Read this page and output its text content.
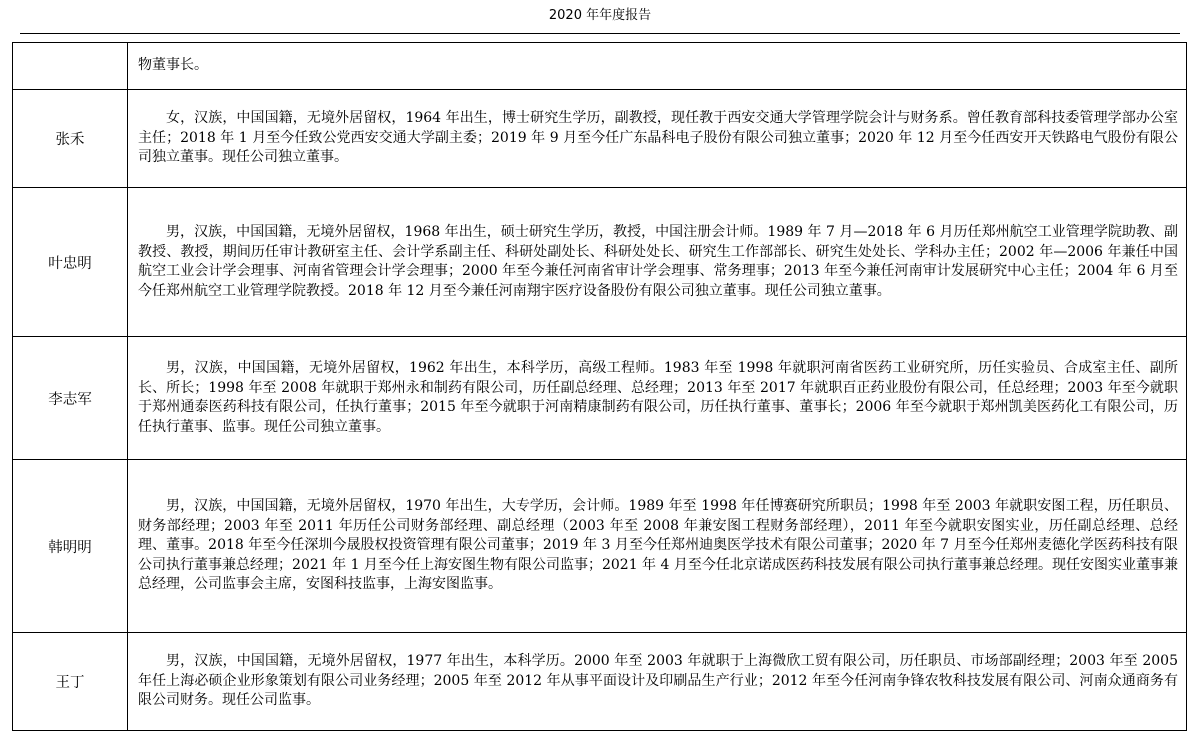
2020 年年度报告

	物董事长。

张禾	女，汉族，中国国籍，无境外居留权，1964 年出生，博士研究生学历，副教授，现任教于西安交通大学管理学院会计与财务系。曾任教育部科技委管理学部办公室主任；2018 年 1 月至今任致公党西安交通大学副主委；2019 年 9 月至今任广东晶科电子股份有限公司独立董事；2020 年 12 月至今任西安开天铁路电气股份有限公司独立董事。现任公司独立董事。

叶忠明	男，汉族，中国国籍，无境外居留权，1968 年出生，硕士研究生学历，教授，中国注册会计师。1989 年 7 月—2018 年 6 月历任郑州航空工业管理学院助教、副教授、教授，期间历任审计教研室主任、会计学系副主任、科研处副处长、科研处处长、研究生工作部部长、研究生处处长、学科办主任；2002 年—2006 年兼任中国航空工业会计学会理事、河南省管理会计学会理事；2000 年至今兼任河南省审计学会理事、常务理事；2013 年至今兼任河南审计发展研究中心主任；2004 年 6 月至今任郑州航空工业管理学院教授。2018 年 12 月至今兼任河南翔宇医疗设备股份有限公司独立董事。现任公司独立董事。

李志军	男，汉族，中国国籍，无境外居留权，1962 年出生，本科学历，高级工程师。1983 年至 1998 年就职河南省医药工业研究所，历任实验员、合成室主任、副所长、所长；1998 年至 2008 年就职于郑州永和制药有限公司，历任副总经理、总经理；2013 年至 2017 年就职百正药业股份有限公司，任总经理；2003 年至今就职于郑州通泰医药科技有限公司，任执行董事；2015 年至今就职于河南精康制药有限公司，历任执行董事、董事长；2006 年至今就职于郑州凯美医药化工有限公司，历任执行董事、监事。现任公司独立董事。

韩明明	男，汉族，中国国籍，无境外居留权，1970 年出生，大专学历，会计师。1989 年至 1998 年任博赛研究所职员；1998 年至 2003 年就职安图工程，历任职员、财务部经理；2003 年至 2011 年历任公司财务部经理、副总经理（2003 年至 2008 年兼安图工程财务部经理），2011 年至今就职安图实业，历任副总经理、总经理、董事。2018 年至今任深圳今晟股权投资管理有限公司董事；2019 年 3 月至今任郑州迪奥医学技术有限公司董事；2020 年 7 月至今任郑州麦德化学医药科技有限公司执行董事兼总经理；2021 年 1 月至今任上海安图生物有限公司监事；2021 年 4 月至今任北京诺成医药科技发展有限公司执行董事兼总经理。现任安图实业董事兼总经理，公司监事会主席，安图科技监事，上海安图监事。

王丁	男，汉族，中国国籍，无境外居留权，1977 年出生，本科学历。2000 年至 2003 年就职于上海微欣工贸有限公司，历任职员、市场部副经理；2003 年至 2005 年任上海必硕企业形象策划有限公司业务经理；2005 年至 2012 年从事平面设计及印刷品生产行业；2012 年至今任河南争锋农牧科技发展有限公司、河南众通商务有限公司财务。现任公司监事。
